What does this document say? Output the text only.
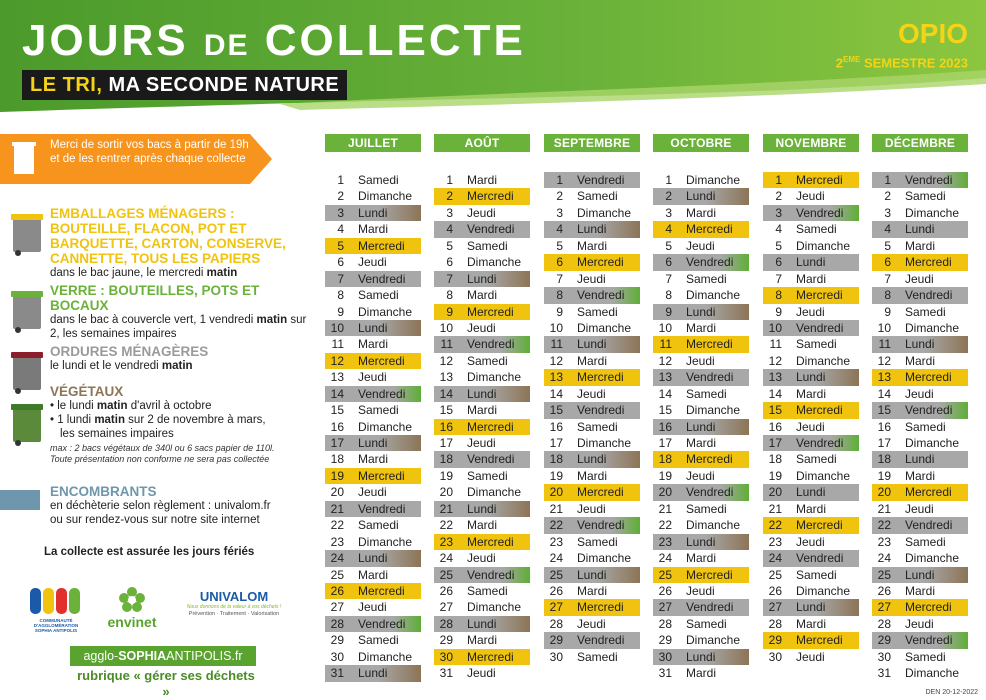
JOURS DE COLLECTE
LE TRI, MA SECONDE NATURE
OPIO
2EME SEMESTRE 2023
Merci de sortir vos bacs à partir de 19h et de les rentrer après chaque collecte
EMBALLAGES MÉNAGERS : BOUTEILLE, FLACON, POT ET BARQUETTE, CARTON, CONSERVE, CANNETTE, TOUS LES PAPIERS
dans le bac jaune, le mercredi matin
VERRE : BOUTEILLES, POTS ET BOCAUX
dans le bac à couvercle vert, 1 vendredi matin sur 2, les semaines impaires
ORDURES MÉNAGÈRES
le lundi et le vendredi matin
VÉGÉTAUX
• le lundi matin d'avril à octobre
• 1 lundi matin sur 2 de novembre à mars,
les semaines impaires
max : 2 bacs végétaux de 340l ou 6 sacs papier de 110l.
Toute présentation non conforme ne sera pas collectée
ENCOMBRANTS
en déchèterie selon règlement : univalom.fr
ou sur rendez-vous sur notre site internet
La collecte est assurée les jours fériés
COMMUNAUTÉ D'AGGLOMÉRATION SOPHIA ANTIPOLIS
envinet
UNIVALOM
Nous donnons de la valeur à vos déchets !
Prévention · Traitement · Valorisation
agglo-SOPHIAANTIPOLIS.fr
rubrique « gérer ses déchets »
JUILLET
1 Samedi
2 Dimanche
3 Lundi
4 Mardi
5 Mercredi
6 Jeudi
7 Vendredi
8 Samedi
9 Dimanche
10 Lundi
11 Mardi
12 Mercredi
13 Jeudi
14 Vendredi
15 Samedi
16 Dimanche
17 Lundi
18 Mardi
19 Mercredi
20 Jeudi
21 Vendredi
22 Samedi
23 Dimanche
24 Lundi
25 Mardi
26 Mercredi
27 Jeudi
28 Vendredi
29 Samedi
30 Dimanche
31 Lundi
AOÛT
1 Mardi
2 Mercredi
3 Jeudi
4 Vendredi
5 Samedi
6 Dimanche
7 Lundi
8 Mardi
9 Mercredi
10 Jeudi
11 Vendredi
12 Samedi
13 Dimanche
14 Lundi
15 Mardi
16 Mercredi
17 Jeudi
18 Vendredi
19 Samedi
20 Dimanche
21 Lundi
22 Mardi
23 Mercredi
24 Jeudi
25 Vendredi
26 Samedi
27 Dimanche
28 Lundi
29 Mardi
30 Mercredi
31 Jeudi
SEPTEMBRE
1 Vendredi
2 Samedi
3 Dimanche
4 Lundi
5 Mardi
6 Mercredi
7 Jeudi
8 Vendredi
9 Samedi
10 Dimanche
11 Lundi
12 Mardi
13 Mercredi
14 Jeudi
15 Vendredi
16 Samedi
17 Dimanche
18 Lundi
19 Mardi
20 Mercredi
21 Jeudi
22 Vendredi
23 Samedi
24 Dimanche
25 Lundi
26 Mardi
27 Mercredi
28 Jeudi
29 Vendredi
30 Samedi
OCTOBRE
1 Dimanche
2 Lundi
3 Mardi
4 Mercredi
5 Jeudi
6 Vendredi
7 Samedi
8 Dimanche
9 Lundi
10 Mardi
11 Mercredi
12 Jeudi
13 Vendredi
14 Samedi
15 Dimanche
16 Lundi
17 Mardi
18 Mercredi
19 Jeudi
20 Vendredi
21 Samedi
22 Dimanche
23 Lundi
24 Mardi
25 Mercredi
26 Jeudi
27 Vendredi
28 Samedi
29 Dimanche
30 Lundi
31 Mardi
NOVEMBRE
1 Mercredi
2 Jeudi
3 Vendredi
4 Samedi
5 Dimanche
6 Lundi
7 Mardi
8 Mercredi
9 Jeudi
10 Vendredi
11 Samedi
12 Dimanche
13 Lundi
14 Mardi
15 Mercredi
16 Jeudi
17 Vendredi
18 Samedi
19 Dimanche
20 Lundi
21 Mardi
22 Mercredi
23 Jeudi
24 Vendredi
25 Samedi
26 Dimanche
27 Lundi
28 Mardi
29 Mercredi
30 Jeudi
DÉCEMBRE
1 Vendredi
2 Samedi
3 Dimanche
4 Lundi
5 Mardi
6 Mercredi
7 Jeudi
8 Vendredi
9 Samedi
10 Dimanche
11 Lundi
12 Mardi
13 Mercredi
14 Jeudi
15 Vendredi
16 Samedi
17 Dimanche
18 Lundi
19 Mardi
20 Mercredi
21 Jeudi
22 Vendredi
23 Samedi
24 Dimanche
25 Lundi
26 Mardi
27 Mercredi
28 Jeudi
29 Vendredi
30 Samedi
31 Dimanche
DEN 20-12-2022
